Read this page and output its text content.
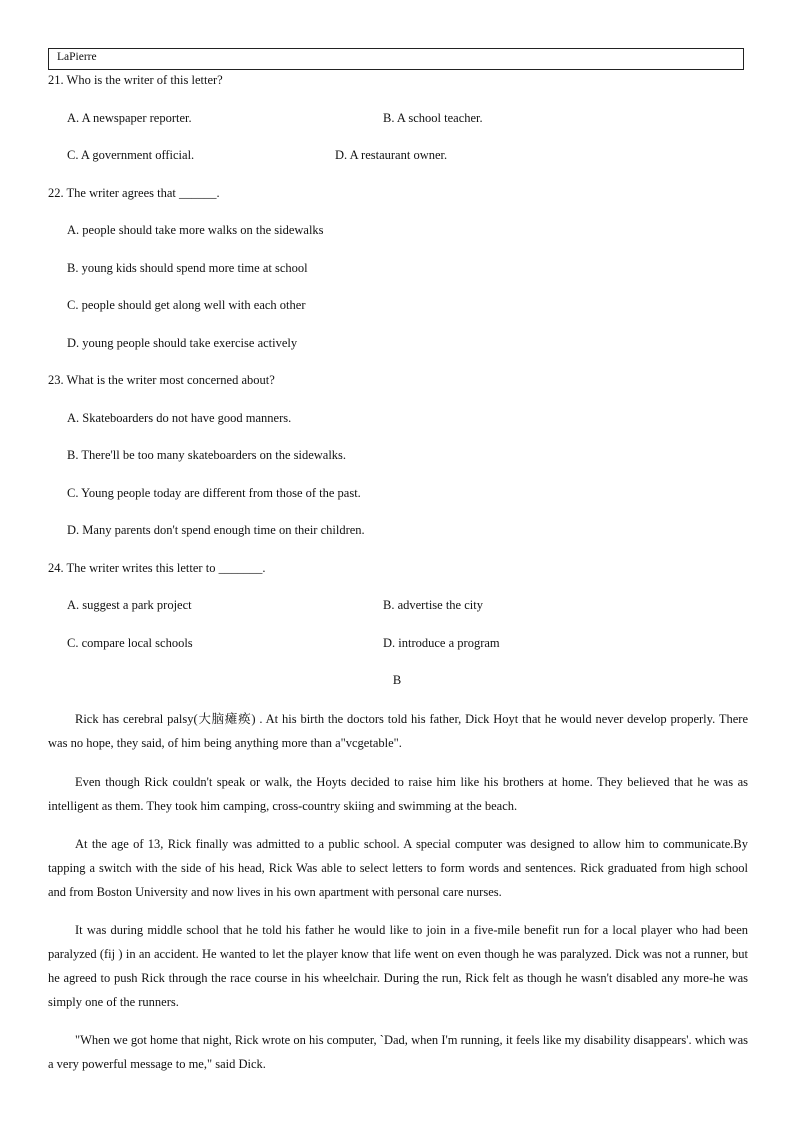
LaPierre
21. Who is the writer of this letter?
A. A newspaper reporter.	B. A school teacher.
C. A government official.	D. A restaurant owner.
22. The writer agrees that ______.
A. people should take more walks on the sidewalks
B. young kids should spend more time at school
C. people should get along well with each other
D. young people should take exercise actively
23. What is the writer most concerned about?
A. Skateboarders do not have good manners.
B. There'll be too many skateboarders on the sidewalks.
C. Young people today are different from those of the past.
D. Many parents don't spend enough time on their children.
24. The writer writes this letter to _______.
A. suggest a park project	B. advertise the city
C. compare local schools	D. introduce a program
B

Rick has cerebral palsy(大脑瘫痪) . At his birth the doctors told his father, Dick Hoyt that he would never develop properly. There was no hope, they said, of him being anything more than a"vcgetable".

Even though Rick couldn't speak or walk, the Hoyts decided to raise him like his brothers at home. They believed that he was as intelligent as them. They took him camping, cross-country skiing and swimming at the beach.

At the age of 13, Rick finally was admitted to a public school. A special computer was designed to allow him to communicate.By tapping a switch with the side of his head, Rick Was able to select letters to form words and sentences. Rick graduated from high school and from Boston University and now lives in his own apartment with personal care nurses.

It was during middle school that he told his father he would like to join in a five-mile benefit run for a local player who had been paralyzed (fij ) in an accident. He wanted to let the player know that life went on even though he was paralyzed. Dick was not a runner, but he agreed to push Rick through the race course in his wheelchair. During the run, Rick felt as though he wasn't disabled any more-he was simply one of the runners.

"When we got home that night, Rick wrote on his computer, `Dad, when I'm running, it feels like my disability disappears'. which was a very powerful message to me," said Dick.
